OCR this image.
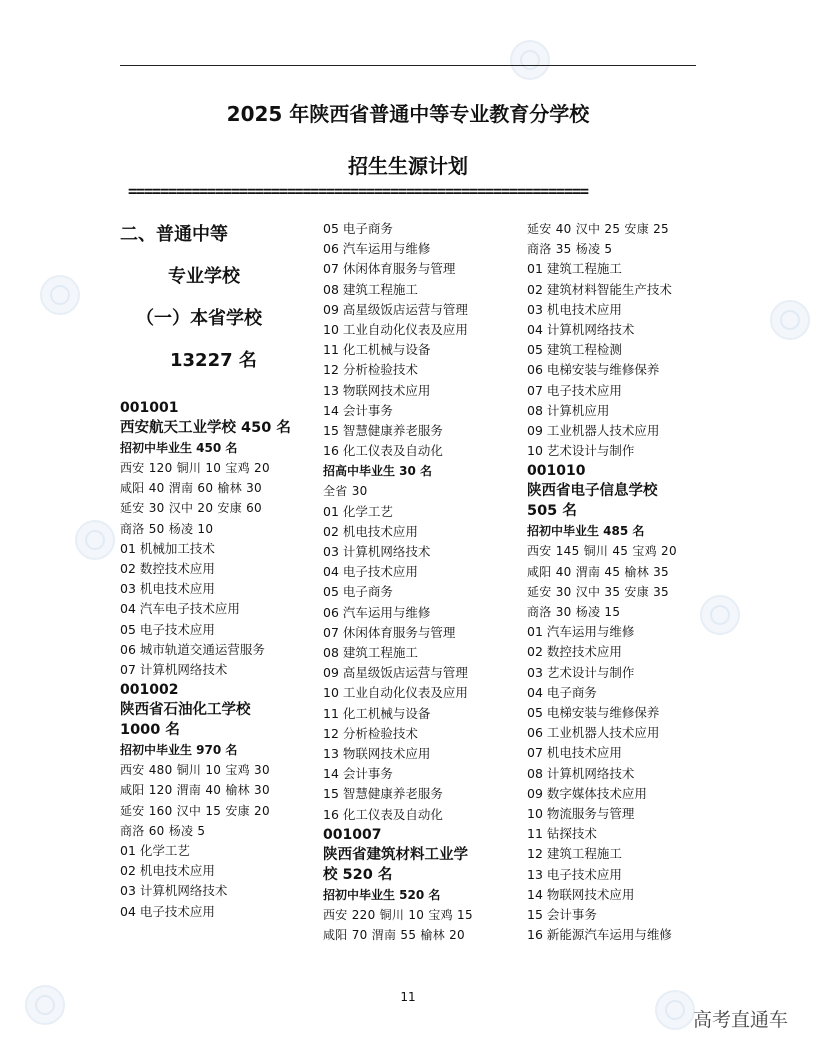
2025 年陕西省普通中等专业教育分学校
招生生源计划
==========================================================
二、普通中等
专业学校
（一）本省学校
13227 名
001001
西安航天工业学校 450 名
招初中毕业生 450 名
西安 120 铜川 10 宝鸡 20
咸阳 40 渭南 60 榆林 30
延安 30 汉中 20 安康 60
商洛 50 杨凌 10
01 机械加工技术
02 数控技术应用
03 机电技术应用
04 汽车电子技术应用
05 电子技术应用
06 城市轨道交通运营服务
07 计算机网络技术
001002
陕西省石油化工学校 1000 名
招初中毕业生 970 名
西安 480 铜川 10 宝鸡 30
咸阳 120 渭南 40 榆林 30
延安 160 汉中 15 安康 20
商洛 60 杨凌 5
01 化学工艺
02 机电技术应用
03 计算机网络技术
04 电子技术应用
05 电子商务
06 汽车运用与维修
07 休闲体育服务与管理
08 建筑工程施工
09 高星级饭店运营与管理
10 工业自动化仪表及应用
11 化工机械与设备
12 分析检验技术
13 物联网技术应用
14 会计事务
15 智慧健康养老服务
16 化工仪表及自动化
招高中毕业生 30 名
全省 30
01 化学工艺
02 机电技术应用
03 计算机网络技术
04 电子技术应用
05 电子商务
06 汽车运用与维修
07 休闲体育服务与管理
08 建筑工程施工
09 高星级饭店运营与管理
10 工业自动化仪表及应用
11 化工机械与设备
12 分析检验技术
13 物联网技术应用
14 会计事务
15 智慧健康养老服务
16 化工仪表及自动化
001007
陕西省建筑材料工业学
校 520 名
招初中毕业生 520 名
西安 220 铜川 10 宝鸡 15
咸阳 70 渭南 55 榆林 20
延安 40 汉中 25 安康 25
商洛 35 杨凌 5
01 建筑工程施工
02 建筑材料智能生产技术
03 机电技术应用
04 计算机网络技术
05 建筑工程检测
06 电梯安装与维修保养
07 电子技术应用
08 计算机应用
09 工业机器人技术应用
10 艺术设计与制作
001010
陕西省电子信息学校
505 名
招初中毕业生 485 名
西安 145 铜川 45 宝鸡 20
咸阳 40 渭南 45 榆林 35
延安 30 汉中 35 安康 35
商洛 30 杨凌 15
01 汽车运用与维修
02 数控技术应用
03 艺术设计与制作
04 电子商务
05 电梯安装与维修保养
06 工业机器人技术应用
07 机电技术应用
08 计算机网络技术
09 数字媒体技术应用
10 物流服务与管理
11 钻探技术
12 建筑工程施工
13 电子技术应用
14 物联网技术应用
15 会计事务
16 新能源汽车运用与维修
11
高考直通车
